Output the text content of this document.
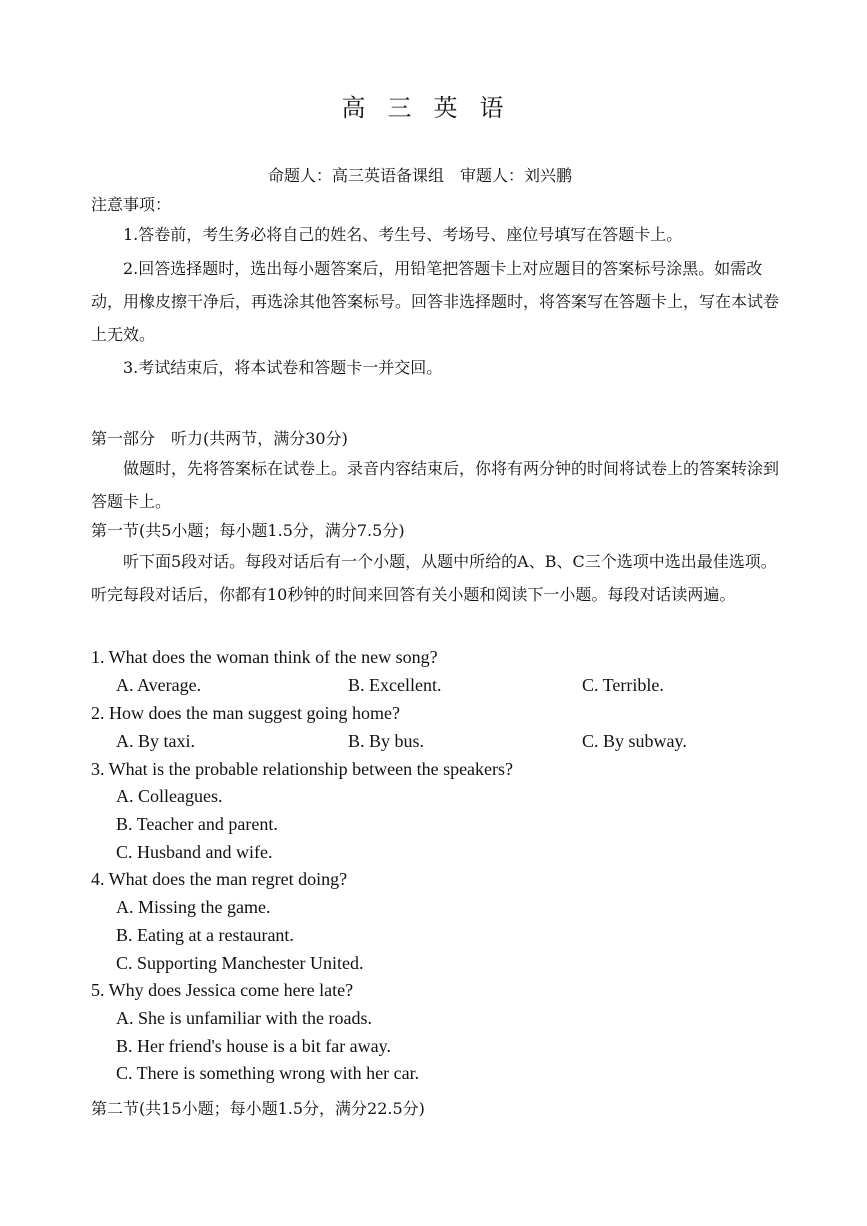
高三英语
命题人：高三英语备课组　审题人：刘兴鹏
注意事项：
1.答卷前，考生务必将自己的姓名、考生号、考场号、座位号填写在答题卡上。
2.回答选择题时，选出每小题答案后，用铅笔把答题卡上对应题目的答案标号涂黑。如需改动，用橡皮擦干净后，再选涂其他答案标号。回答非选择题时，将答案写在答题卡上，写在本试卷上无效。
3.考试结束后，将本试卷和答题卡一并交回。
第一部分　听力(共两节，满分30分)
做题时，先将答案标在试卷上。录音内容结束后，你将有两分钟的时间将试卷上的答案转涂到答题卡上。
第一节(共5小题；每小题1.5分，满分7.5分)
听下面5段对话。每段对话后有一个小题，从题中所给的A、B、C三个选项中选出最佳选项。听完每段对话后，你都有10秒钟的时间来回答有关小题和阅读下一小题。每段对话读两遍。
1. What does the woman think of the new song?
A. Average.	B. Excellent.	C. Terrible.
2. How does the man suggest going home?
A. By taxi.	B. By bus.	C. By subway.
3. What is the probable relationship between the speakers?
A. Colleagues.
B. Teacher and parent.
C. Husband and wife.
4. What does the man regret doing?
A. Missing the game.
B. Eating at a restaurant.
C. Supporting Manchester United.
5. Why does Jessica come here late?
A. She is unfamiliar with the roads.
B. Her friend's house is a bit far away.
C. There is something wrong with her car.
第二节(共15小题；每小题1.5分，满分22.5分)
